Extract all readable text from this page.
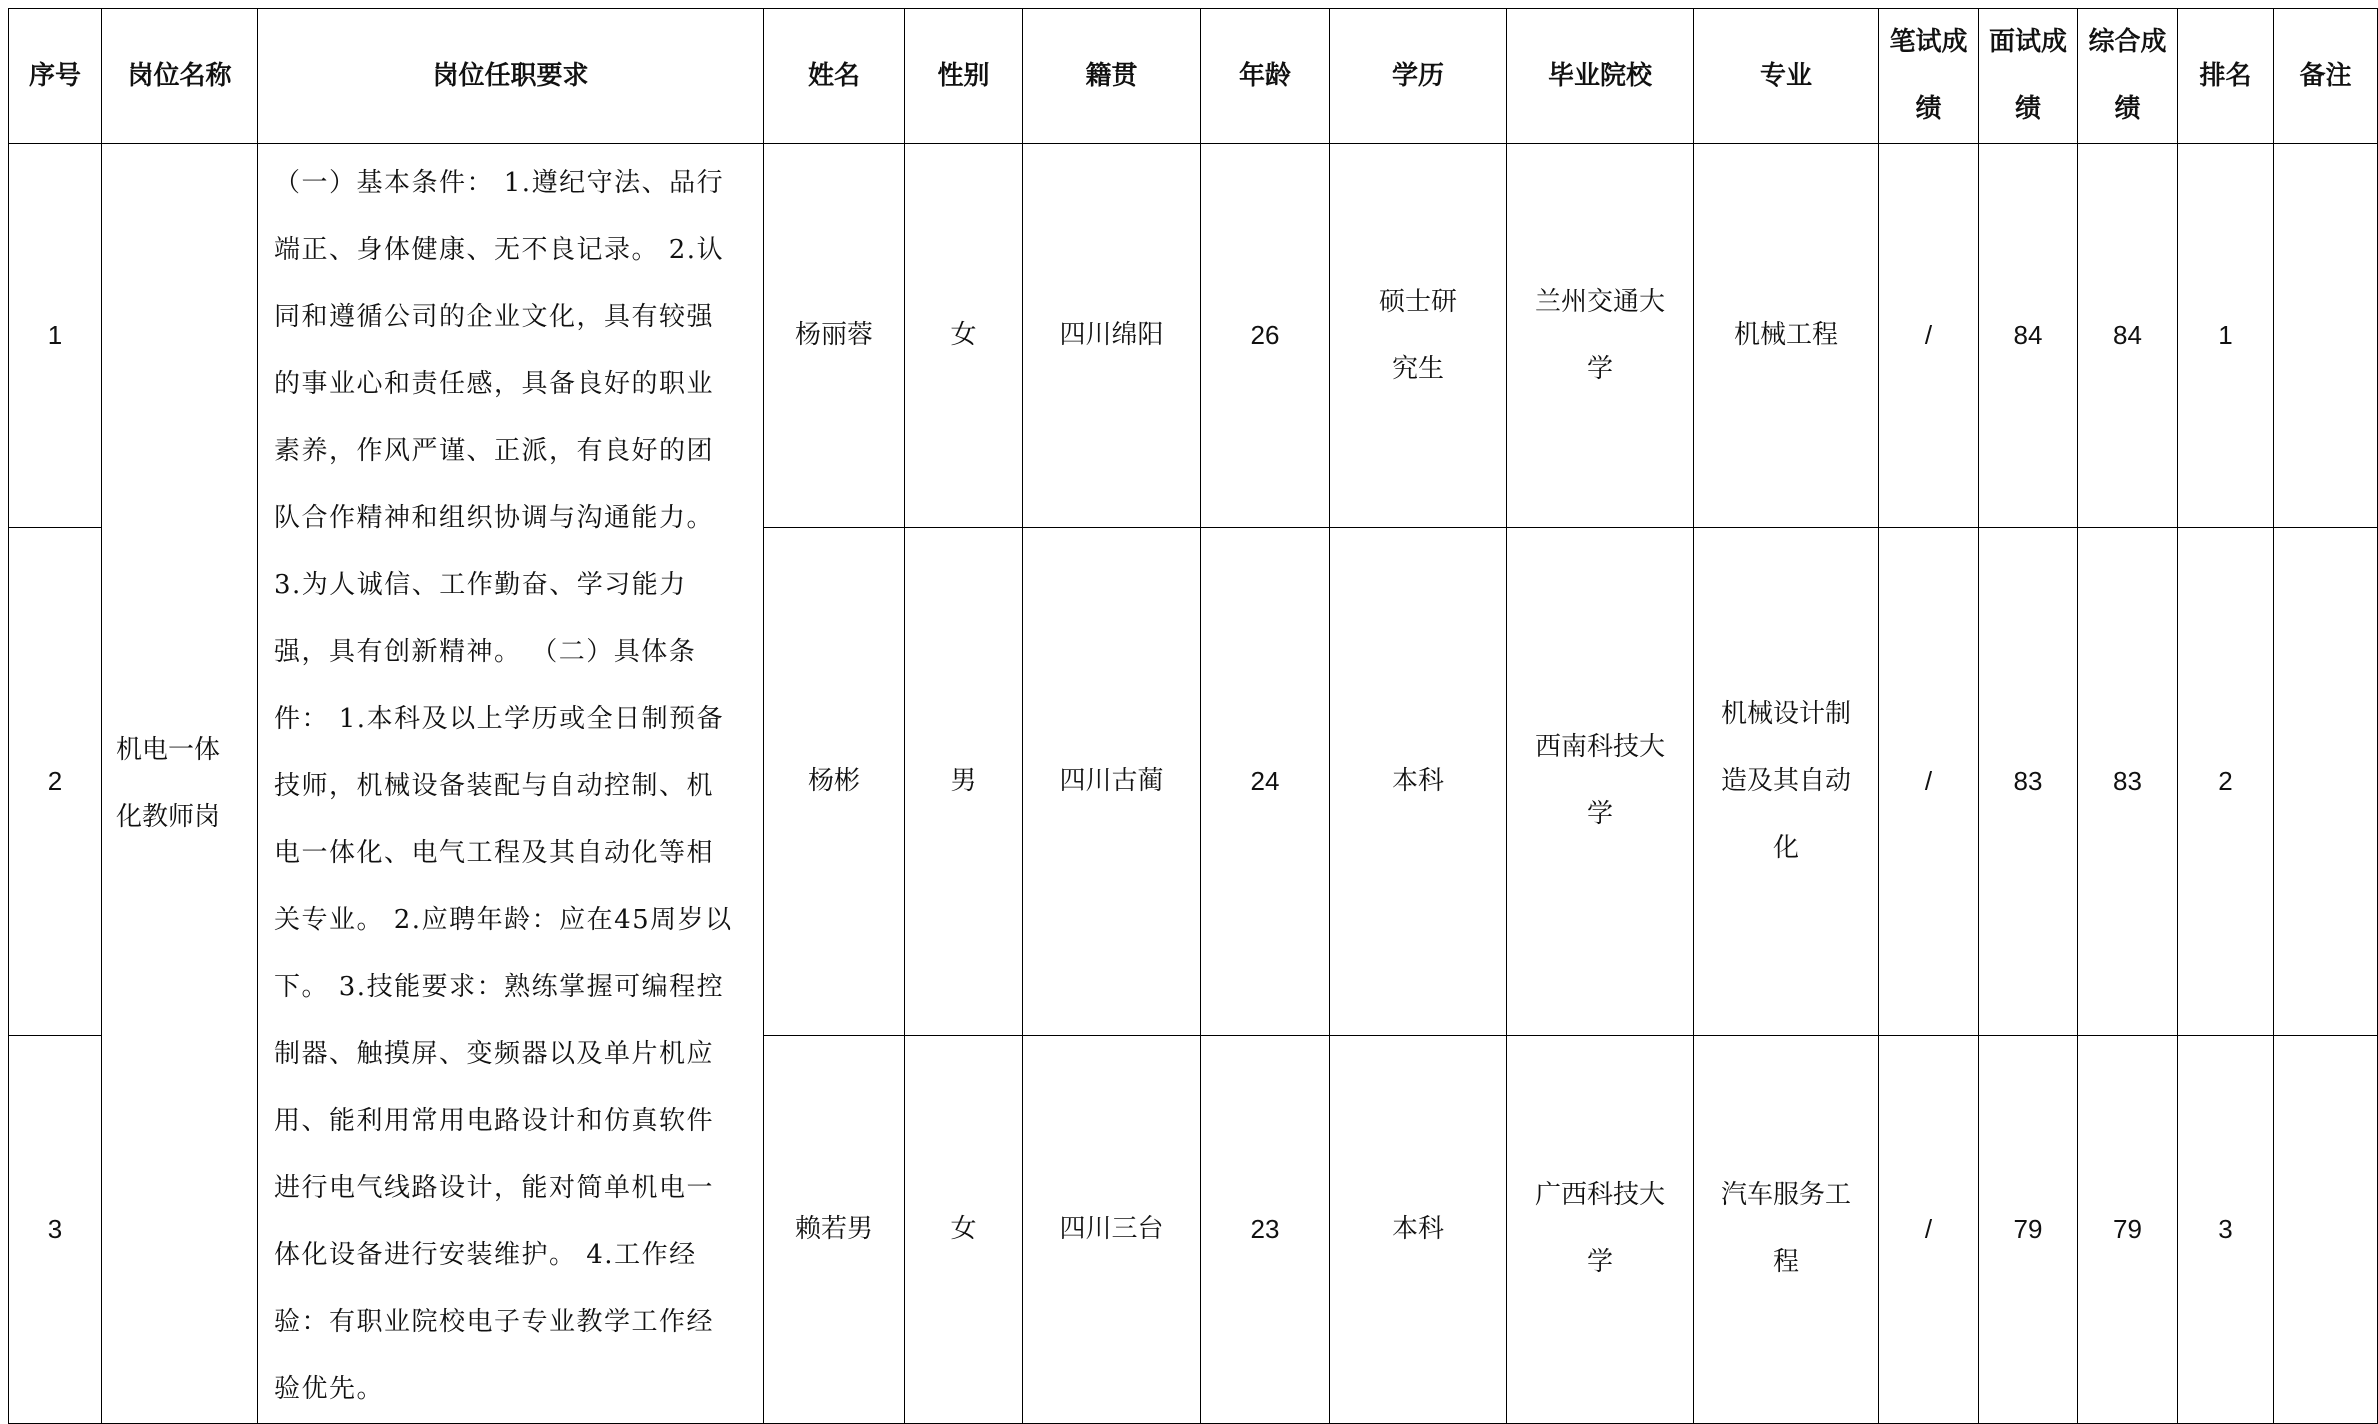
序号	岗位名称	岗位任职要求	姓名	性别	籍贯	年龄	学历	毕业院校	专业	笔试成绩	面试成绩	综合成绩	排名	备注
1	机电一体化教师岗	（一）基本条件： 1.遵纪守法、品行端正、身体健康、无不良记录。 2.认同和遵循公司的企业文化，具有较强的事业心和责任感，具备良好的职业素养，作风严谨、正派，有良好的团队合作精神和组织协调与沟通能力。 3.为人诚信、工作勤奋、学习能力强，具有创新精神。 （二）具体条件： 1.本科及以上学历或全日制预备技师，机械设备装配与自动控制、机电一体化、电气工程及其自动化等相关专业。 2.应聘年龄：应在45周岁以下。 3.技能要求：熟练掌握可编程控制器、触摸屏、变频器以及单片机应用、能利用常用电路设计和仿真软件进行电气线路设计，能对简单机电一体化设备进行安装维护。 4.工作经验：有职业院校电子专业教学工作经验优先。	杨丽蓉	女	四川绵阳	26	硕士研究生	兰州交通大学	机械工程	/	84	84	1	
2			杨彬	男	四川古蔺	24	本科	西南科技大学	机械设计制造及其自动化	/	83	83	2	
3			赖若男	女	四川三台	23	本科	广西科技大学	汽车服务工程	/	79	79	3	
